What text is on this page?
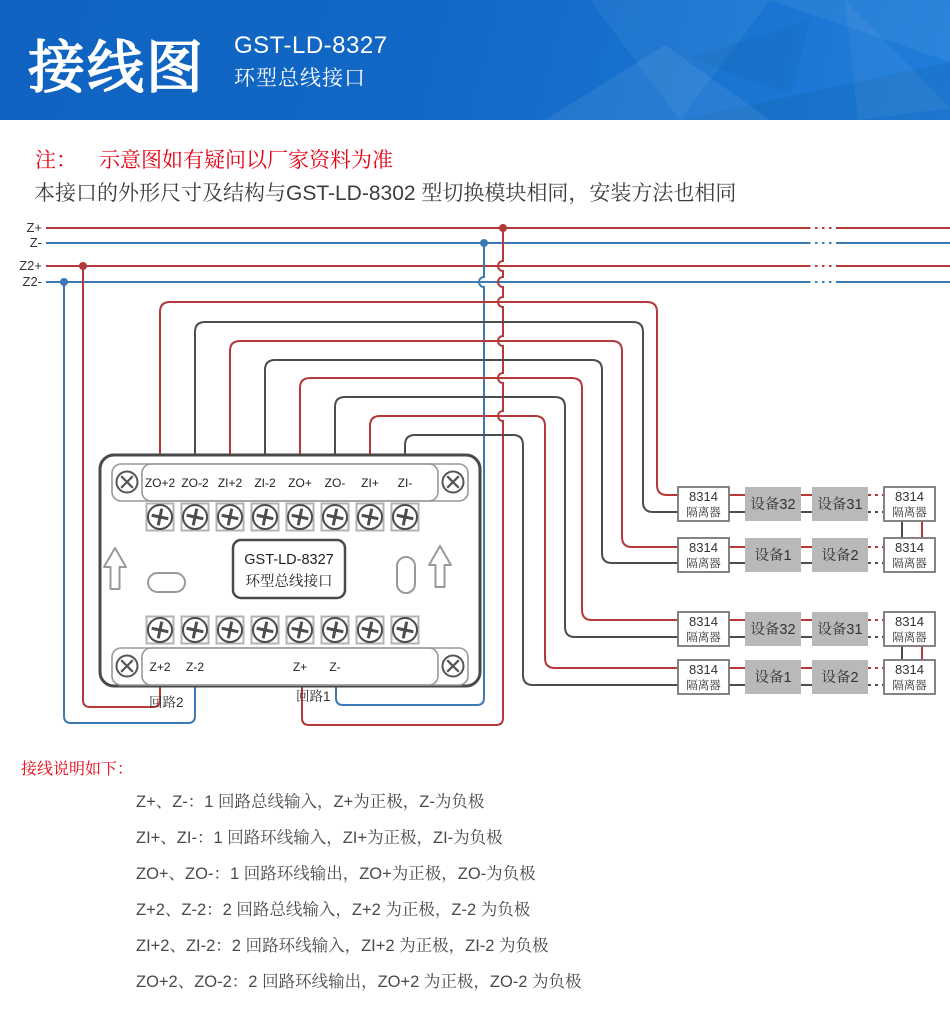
接线图 GST-LD-8327
环型总线接口
注： 示意图如有疑问以厂家资料为准
本接口的外形尺寸及结构与GST-LD-8302 型切换模块相同，安装方法也相同
Z+
Z-
Z2+
Z2-
ZO+2 ZO-2 ZI+2 ZI-2 ZO+ ZO- ZI+ ZI-
GST-LD-8327
环型总线接口
Z+2 Z-2	Z+ Z-
回路2	回路1
8314
隔离器
8314
隔离器
8314
隔离器
8314
隔离器
8314
隔离器
8314
隔离器
8314
隔离器
8314
隔离器
设备32 设备31
设备1 设备2
设备32 设备31
设备1 设备2
接线说明如下：
Z+、Z-：1 回路总线输入，Z+为正极，Z-为负极
ZI+、ZI-：1 回路环线输入，ZI+为正极，ZI-为负极
ZO+、ZO-：1 回路环线输出，ZO+为正极，ZO-为负极
Z+2、Z-2：2 回路总线输入，Z+2 为正极，Z-2 为负极
ZI+2、ZI-2：2 回路环线输入，ZI+2 为正极，ZI-2 为负极
ZO+2、ZO-2：2 回路环线输出，ZO+2 为正极，ZO-2 为负极
